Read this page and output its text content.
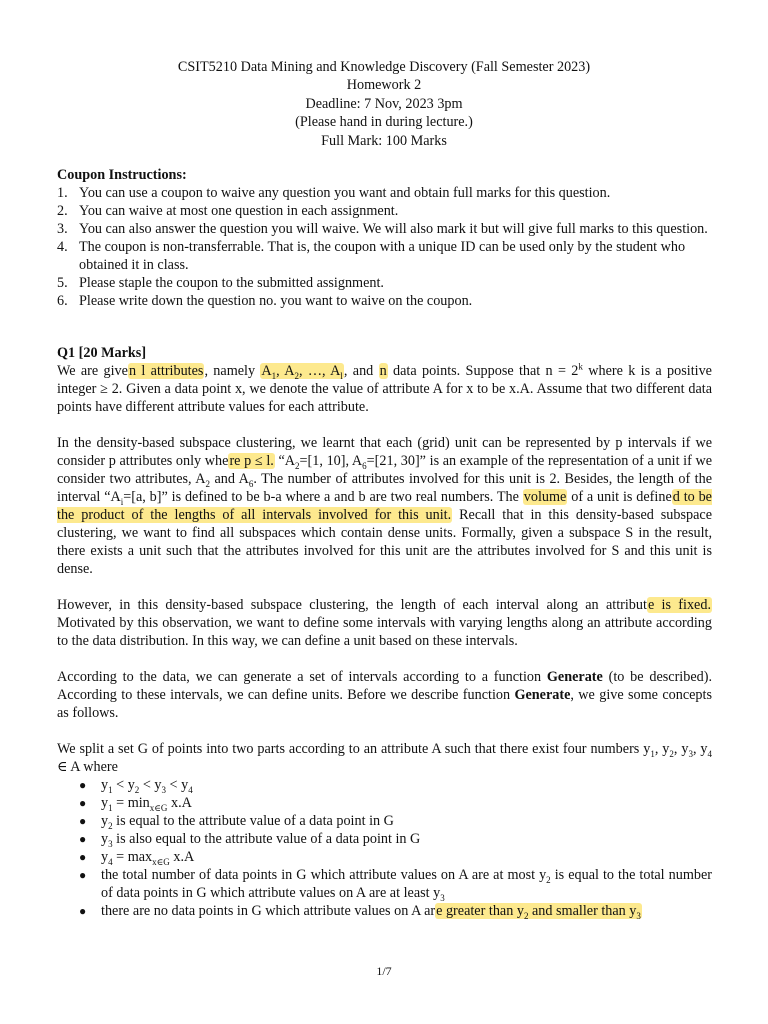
CSIT5210 Data Mining and Knowledge Discovery (Fall Semester 2023)
Homework 2
Deadline: 7 Nov, 2023 3pm
(Please hand in during lecture.)
Full Mark: 100 Marks
Coupon Instructions:
1. You can use a coupon to waive any question you want and obtain full marks for this question.
2. You can waive at most one question in each assignment.
3. You can also answer the question you will waive. We will also mark it but will give full marks to this question.
4. The coupon is non-transferrable. That is, the coupon with a unique ID can be used only by the student who obtained it in class.
5. Please staple the coupon to the submitted assignment.
6. Please write down the question no. you want to waive on the coupon.
Q1 [20 Marks]
We are given l attributes, namely $A_1$, $A_2$, …, $A_l$, and n data points. Suppose that $n = 2^k$ where k is a positive integer ≥ 2. Given a data point x, we denote the value of attribute A for x to be x.A. Assume that two different data points have different attribute values for each attribute.
In the density-based subspace clustering, we learnt that each (grid) unit can be represented by p intervals if we consider p attributes only where p ≤ l. “$A_2=[1$, 10], $A_6=[21$, 30]” is an example of the representation of a unit if we consider two attributes, $A_2$ and $A_6$. The number of attributes involved for this unit is 2. Besides, the length of the interval “$A_i=[a$, b]” is defined to be b-a where a and b are two real numbers. The volume of a unit is defined to be the product of the lengths of all intervals involved for this unit. Recall that in this density-based subspace clustering, we want to find all subspaces which contain dense units. Formally, given a subspace S in the result, there exists a unit such that the attributes involved for this unit are the attributes involved for S and this unit is dense.
However, in this density-based subspace clustering, the length of each interval along an attribute is fixed. Motivated by this observation, we want to define some intervals with varying lengths along an attribute according to the data distribution. In this way, we can define a unit based on these intervals.
According to the data, we can generate a set of intervals according to a function Generate (to be described). According to these intervals, we can define units. Before we describe function Generate, we give some concepts as follows.
We split a set G of points into two parts according to an attribute A such that there exist four numbers $y_1$, $y_2$, $y_3$, $y_4$ ∈ A where
● $y_1 < y_2 < y_3 < y_4$
● $y_1 = \min_{x\in G} x.A$
● $y_2$ is equal to the attribute value of a data point in G
● $y_3$ is also equal to the attribute value of a data point in G
● $y_4 = \max_{x\in G} x.A$
● the total number of data points in G which attribute values on A are at most $y_2$ is equal to the total number of data points in G which attribute values on A are at least $y_3$
● there are no data points in G which attribute values on A are greater than $y_2$ and smaller than $y_3$
1/7
